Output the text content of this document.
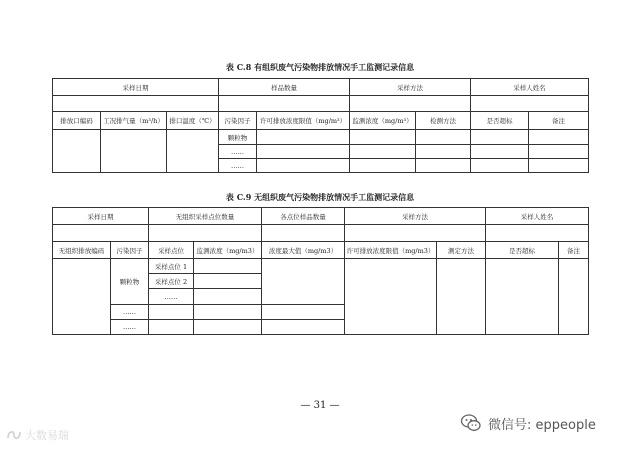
表 C.8 有组织废气污染物排放情况手工监测记录信息
采样日期			样品数量		采样方法		采样人姓名	

排放口编码	工况排气量（m³/h）	排口温度（℃）	污染因子	许可排放浓度限值（mg/m³）	监测浓度（mg/m³）	检测方法	是否超标	备注
			颗粒物					
			……					
			……					
表 C.9 无组织废气污染物排放情况手工监测记录信息
采样日期		无组织采样点位数量		各点位样品数量	采样方法		采样人姓名	

无组织排放编码	污染因子	采样点位	监测浓度（mg/m3）	浓度最大值（mg/m3）	许可排放浓度限值（mg/m3）	测定方法	是否超标	备注
	颗粒物	采样点位 1						
		采样点位 2						
		……						
	……							
	……							
— 31 —
大数易瑞
微信号: eppeople
